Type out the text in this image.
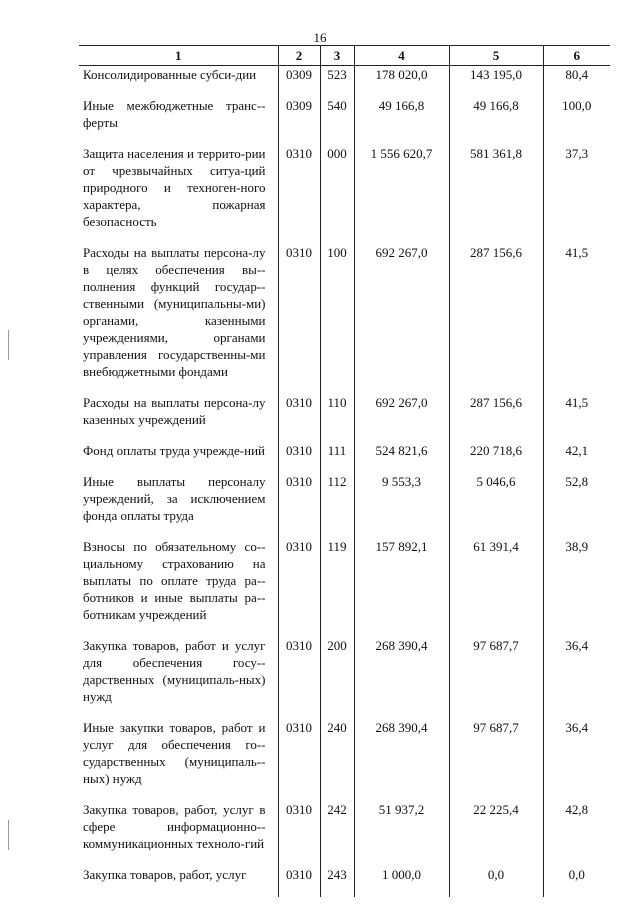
16
1	2	3	4	5	6

Консолидированные субси-дии	0309	523	178 020,0	143 195,0	80,4

Иные межбюджетные транс-ферты	0309	540	49 166,8	49 166,8	100,0

Защита населения и террито-рии от чрезвычайных ситуа-ций природного и техноген-ного характера, пожарная безопасность	0310	000	1 556 620,7	581 361,8	37,3

Расходы на выплаты персона-лу в целях обеспечения вы-полнения функций государ-ственными (муниципальны-ми) органами, казенными учреждениями, органами управления государственны-ми внебюджетными фондами	0310	100	692 267,0	287 156,6	41,5

Расходы на выплаты персона-лу казенных учреждений	0310	110	692 267,0	287 156,6	41,5

Фонд оплаты труда учрежде-ний	0310	111	524 821,6	220 718,6	42,1

Иные выплаты персоналу учреждений, за исключением фонда оплаты труда	0310	112	9 553,3	5 046,6	52,8

Взносы по обязательному со-циальному страхованию на выплаты по оплате труда ра-ботников и иные выплаты ра-ботникам учреждений	0310	119	157 892,1	61 391,4	38,9

Закупка товаров, работ и услуг для обеспечения госу-дарственных (муниципаль-ных) нужд	0310	200	268 390,4	97 687,7	36,4

Иные закупки товаров, работ и услуг для обеспечения го-сударственных (муниципаль-ных) нужд	0310	240	268 390,4	97 687,7	36,4

Закупка товаров, работ, услуг в сфере информационно-коммуникационных техноло-гий	0310	242	51 937,2	22 225,4	42,8

Закупка товаров, работ, услуг	0310	243	1 000,0	0,0	0,0
